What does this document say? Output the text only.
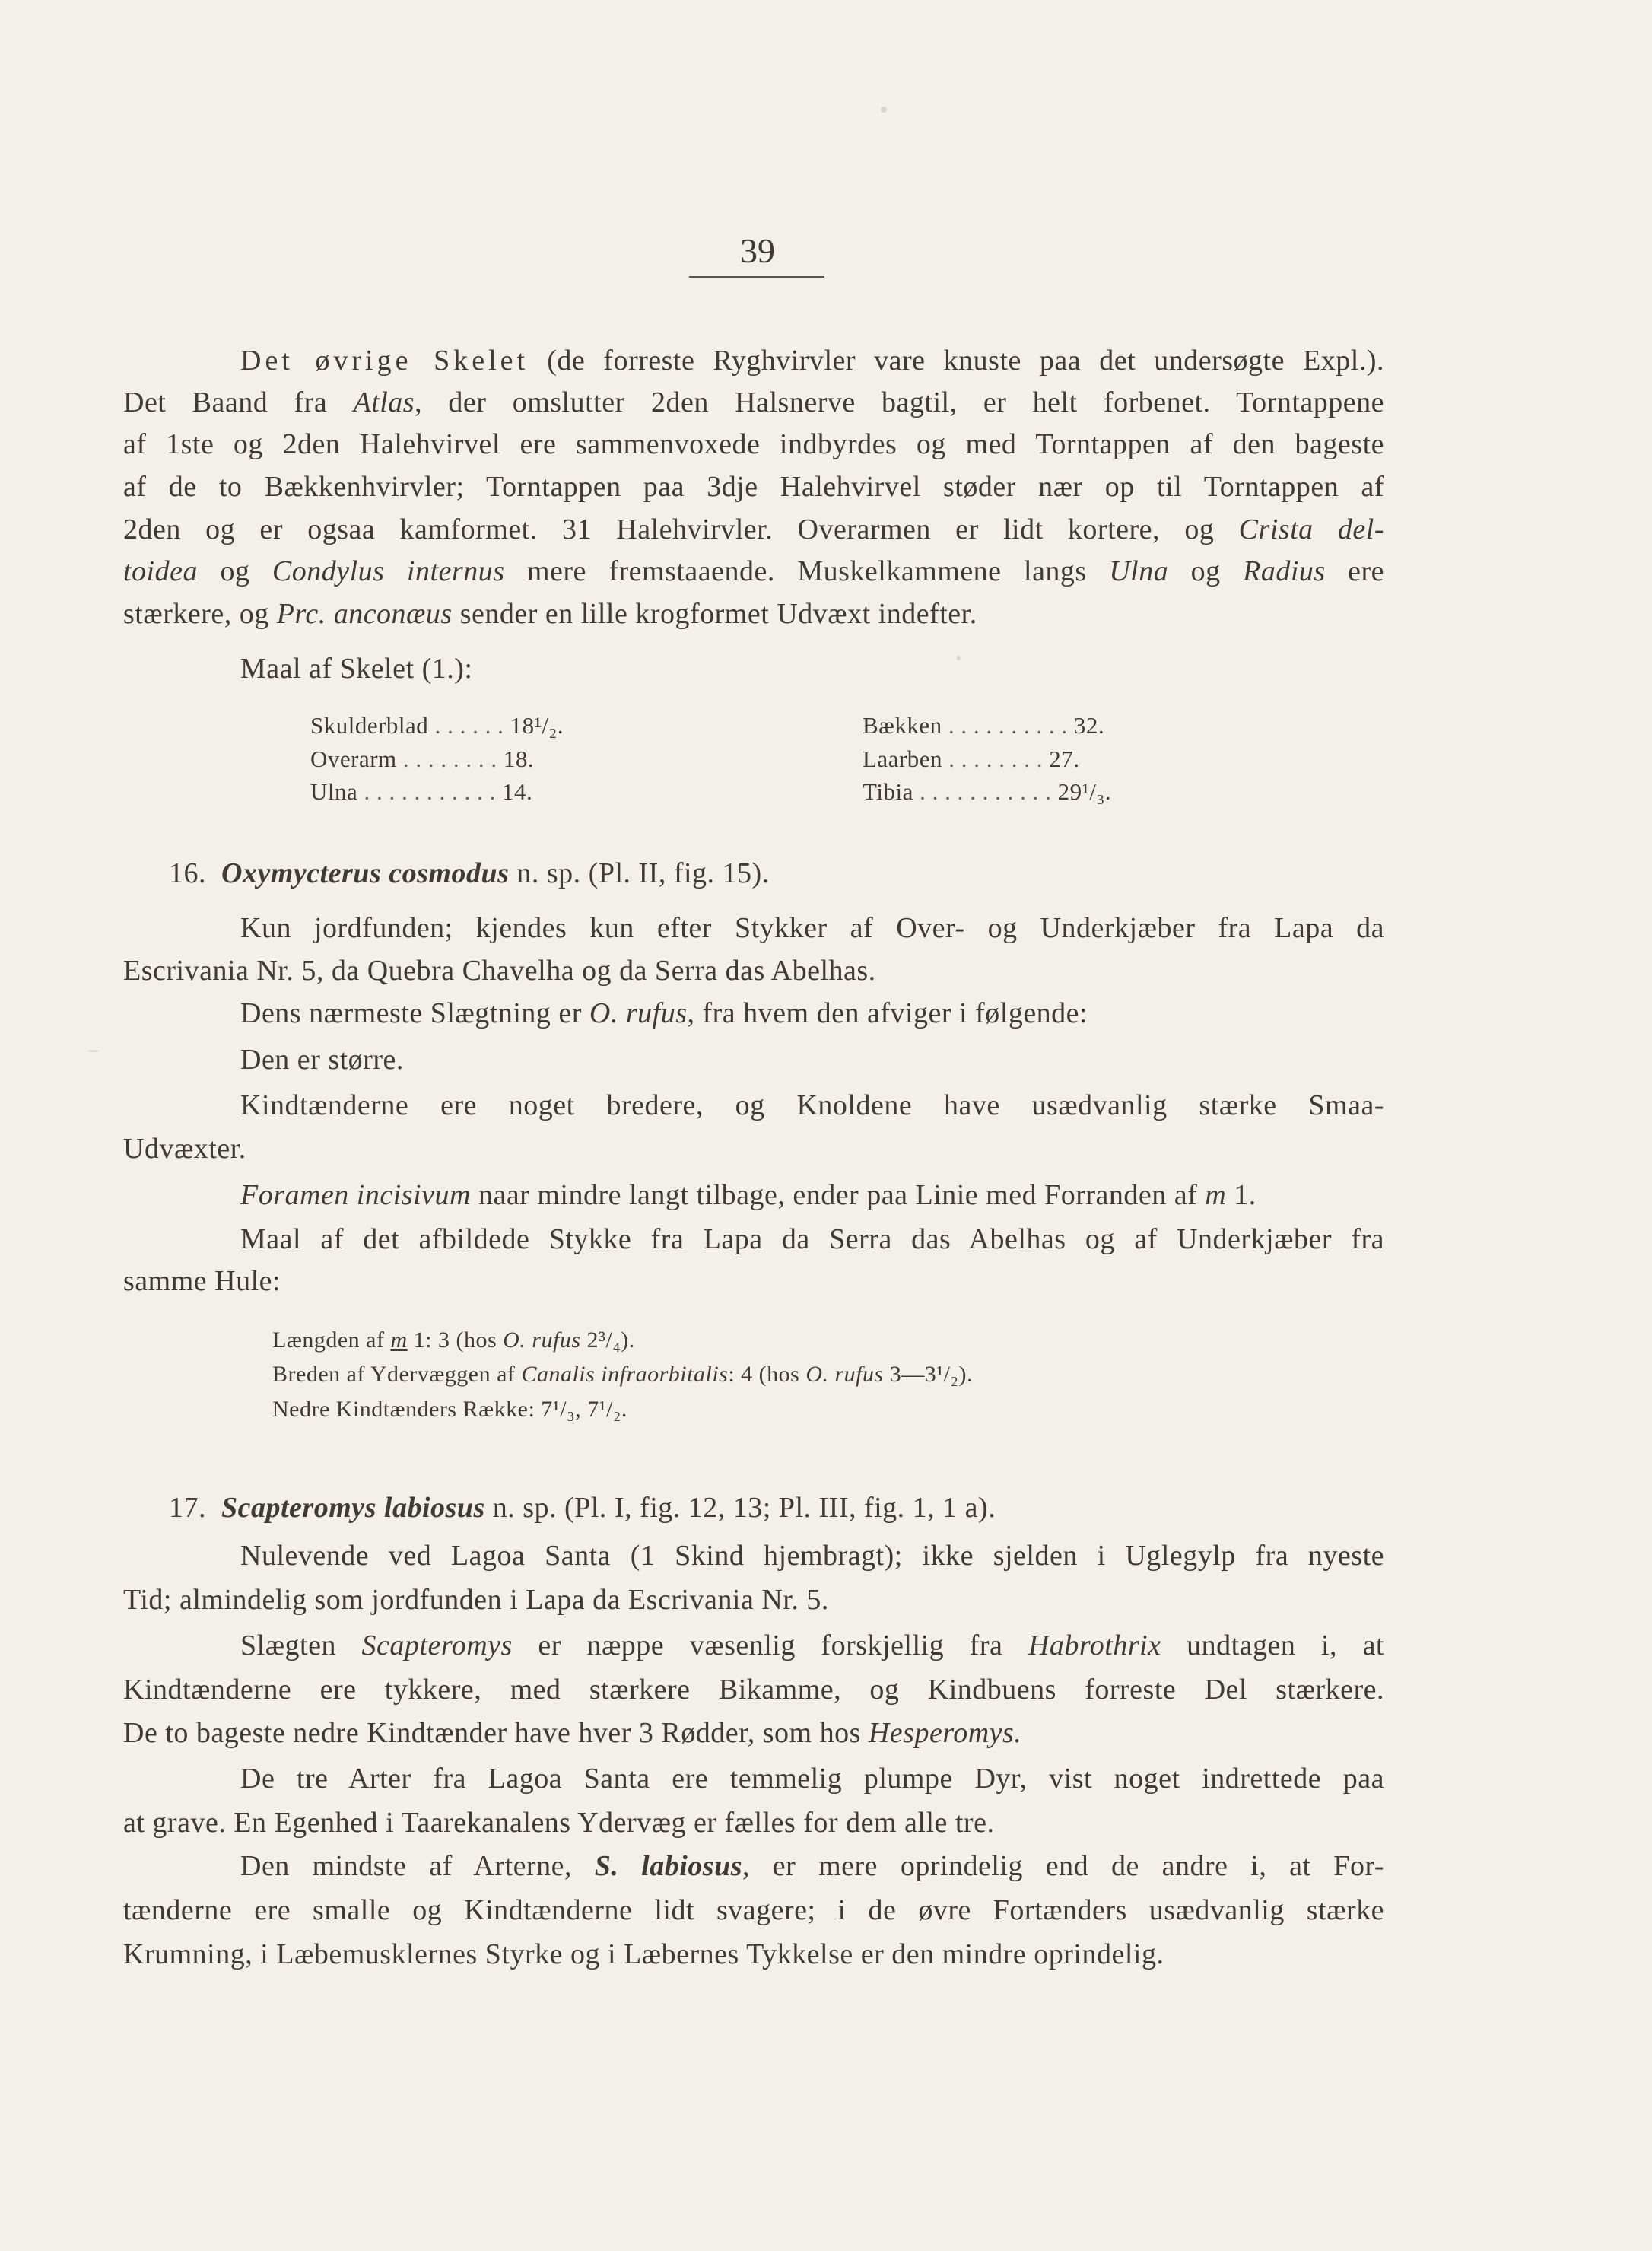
39
Det øvrige Skelet (de forreste Ryghvirvler vare knuste paa det undersøgte Expl.).
Det Baand fra Atlas, der omslutter 2den Halsnerve bagtil, er helt forbenet. Torntappene
af 1ste og 2den Halehvirvel ere sammenvoxede indbyrdes og med Torntappen af den bageste
af de to Bækkenhvirvler; Torntappen paa 3dje Halehvirvel støder nær op til Torntappen af
2den og er ogsaa kamformet. 31 Halehvirvler. Overarmen er lidt kortere, og Crista del-
toidea og Condylus internus mere fremstaaende. Muskelkammene langs Ulna og Radius ere
stærkere, og Prc. anconæus sender en lille krogformet Udvæxt indefter.
Maal af Skelet (1.):
Skulderblad . . . . . . 18¹/₂.
Overarm . . . . . . . . 18.
Ulna . . . . . . . . . . . 14.
Bækken . . . . . . . . . . 32.
Laarben . . . . . . . . 27.
Tibia . . . . . . . . . . . 29¹/₃.
16. Oxymycterus cosmodus n. sp. (Pl. II, fig. 15).
Kun jordfunden; kjendes kun efter Stykker af Over- og Underkjæber fra Lapa da
Escrivania Nr. 5, da Quebra Chavelha og da Serra das Abelhas.
Dens nærmeste Slægtning er O. rufus, fra hvem den afviger i følgende:
Den er større.
Kindtænderne ere noget bredere, og Knoldene have usædvanlig stærke Smaa-
Udvæxter.
Foramen incisivum naar mindre langt tilbage, ender paa Linie med Forranden af m 1.
Maal af det afbildede Stykke fra Lapa da Serra das Abelhas og af Underkjæber fra
samme Hule:
Længden af m 1: 3 (hos O. rufus 2³/₄).
Breden af Ydervæggen af Canalis infraorbitalis: 4 (hos O. rufus 3—3¹/₂).
Nedre Kindtænders Række: 7¹/₃, 7¹/₂.
17. Scapteromys labiosus n. sp. (Pl. I, fig. 12, 13; Pl. III, fig. 1, 1 a).
Nulevende ved Lagoa Santa (1 Skind hjembragt); ikke sjelden i Uglegylp fra nyeste
Tid; almindelig som jordfunden i Lapa da Escrivania Nr. 5.
Slægten Scapteromys er næppe væsenlig forskjellig fra Habrothrix undtagen i, at
Kindtænderne ere tykkere, med stærkere Bikamme, og Kindbuens forreste Del stærkere.
De to bageste nedre Kindtænder have hver 3 Rødder, som hos Hesperomys.
De tre Arter fra Lagoa Santa ere temmelig plumpe Dyr, vist noget indrettede paa
at grave. En Egenhed i Taarekanalens Ydervæg er fælles for dem alle tre.
Den mindste af Arterne, S. labiosus, er mere oprindelig end de andre i, at For-
tænderne ere smalle og Kindtænderne lidt svagere; i de øvre Fortænders usædvanlig stærke
Krumning, i Læbemusklernes Styrke og i Læbernes Tykkelse er den mindre oprindelig.
